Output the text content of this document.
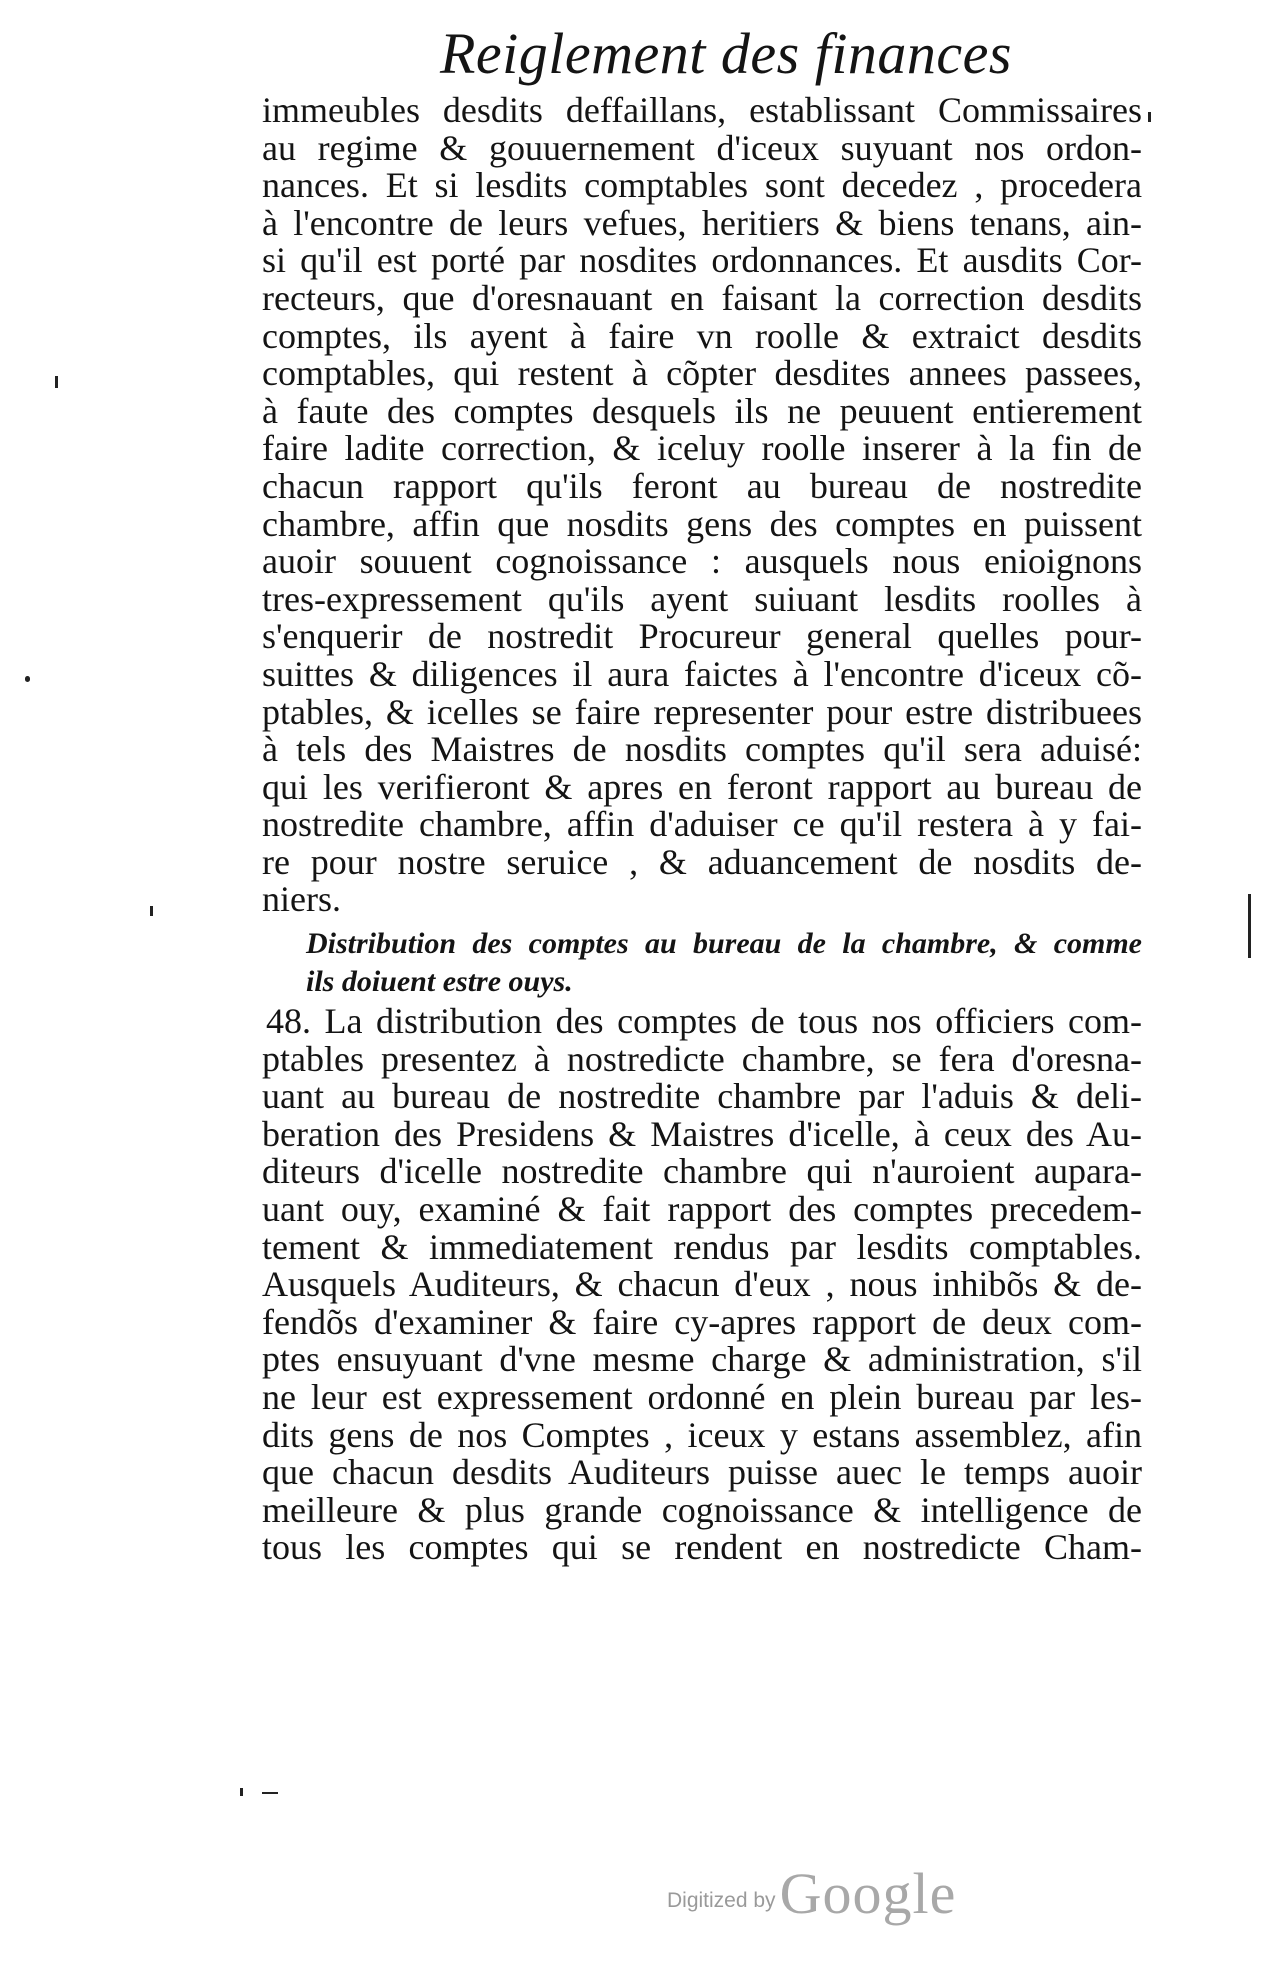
Reiglement des finances
immeubles desdits deffaillans, establissant Commissaires
au regime & gouuernement d'iceux suyuant nos ordon-
nances. Et si lesdits comptables sont decedez , procedera
à l'encontre de leurs vefues, heritiers & biens tenans, ain-
si qu'il est porté par nosdites ordonnances. Et ausdits Cor-
recteurs, que d'oresnauant en faisant la correction desdits
comptes, ils ayent à faire vn roolle & extraict desdits
comptables, qui restent à cõpter desdites annees passees,
à faute des comptes desquels ils ne peuuent entierement
faire ladite correction, & iceluy roolle inserer à la fin de
chacun rapport qu'ils feront au bureau de nostredite
chambre, affin que nosdits gens des comptes en puissent
auoir souuent cognoissance : ausquels nous enioignons
tres-expressement qu'ils ayent suiuant lesdits roolles à
s'enquerir de nostredit Procureur general quelles pour-
suittes & diligences il aura faictes à l'encontre d'iceux cõ-
ptables, & icelles se faire representer pour estre distribuees
à tels des Maistres de nosdits comptes qu'il sera aduisé:
qui les verifieront & apres en feront rapport au bureau de
nostredite chambre, affin d'aduiser ce qu'il restera à y fai-
re pour nostre seruice , & aduancement de nosdits de-
niers.
Distribution des comptes au bureau de la chambre, & comme
ils doiuent estre ouys.
48. La distribution des comptes de tous nos officiers com-
ptables presentez à nostredicte chambre, se fera d'oresna-
uant au bureau de nostredite chambre par l'aduis & deli-
beration des Presidens & Maistres d'icelle, à ceux des Au-
diteurs d'icelle nostredite chambre qui n'auroient aupara-
uant ouy, examiné & fait rapport des comptes precedem-
tement & immediatement rendus par lesdits comptables.
Ausquels Auditeurs, & chacun d'eux , nous inhibõs & de-
fendõs d'examiner & faire cy-apres rapport de deux com-
ptes ensuyuant d'vne mesme charge & administration, s'il
ne leur est expressement ordonné en plein bureau par les-
dits gens de nos Comptes , iceux y estans assemblez, afin
que chacun desdits Auditeurs puisse auec le temps auoir
meilleure & plus grande cognoissance & intelligence de
tous les comptes qui se rendent en nostredicte Cham-
Digitized by Google
